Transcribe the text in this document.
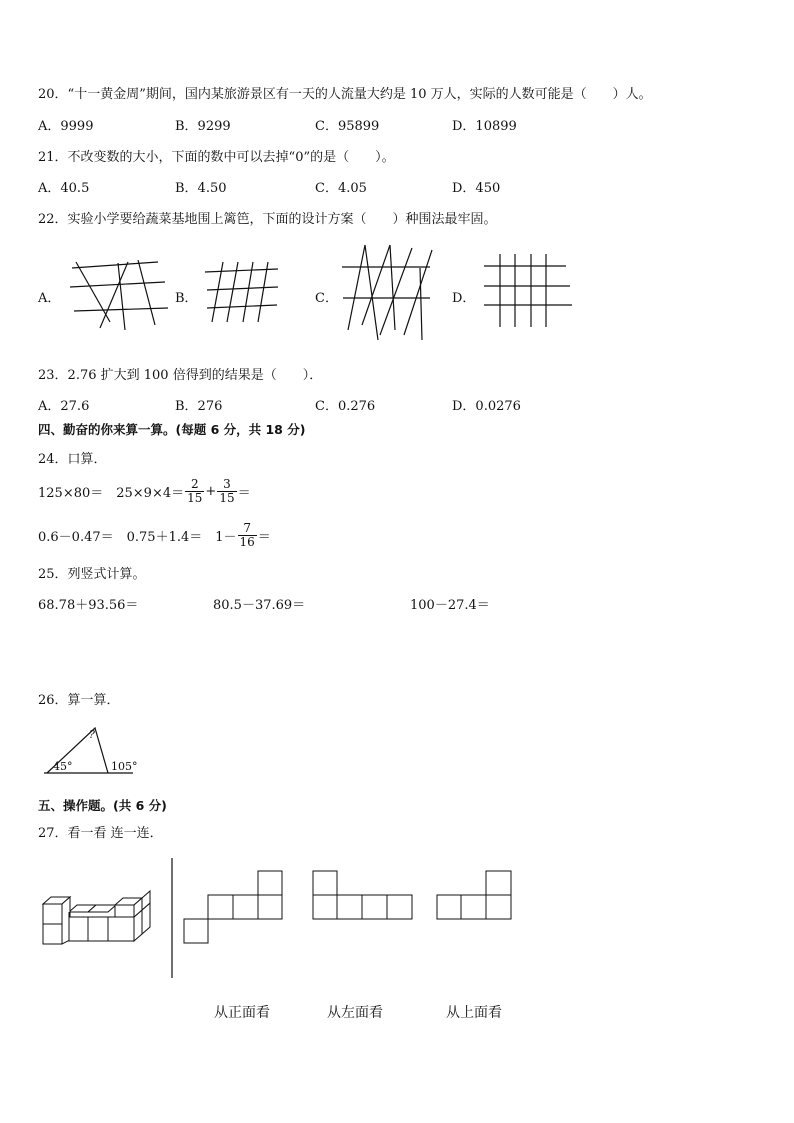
20．“十一黄金周”期间，国内某旅游景区有一天的人流量大约是 10 万人，实际的人数可能是（　　）人。
A．9999	B．9299	C．95899	D．10899
21．不改变数的大小，下面的数中可以去掉“0”的是（　　）。
A．40.5	B．4.50	C．4.05	D．450
22．实验小学要给蔬菜基地围上篱笆，下面的设计方案（　　）种围法最牢固。
A．	B．	C．	D．
23．2.76 扩大到 100 倍得到的结果是（　　）．
A．27.6	B．276	C．0.276	D．0.0276
四、勤奋的你来算一算。(每题 6 分，共 18 分)
24．口算．
125×80＝　$25\times 9\times 4= \frac{2}{15} + \frac{3}{15}$ ＝
0.6－0.47＝　0.75＋1.4＝　$1- \frac{7}{16}$ ＝
25．列竖式计算。
68.78＋93.56＝	80.5－37.69＝	100－27.4＝
26．算一算．
?
45°	105°
五、操作题。(共 6 分)
27．看一看 连一连．
从正面看	从左面看	从上面看
